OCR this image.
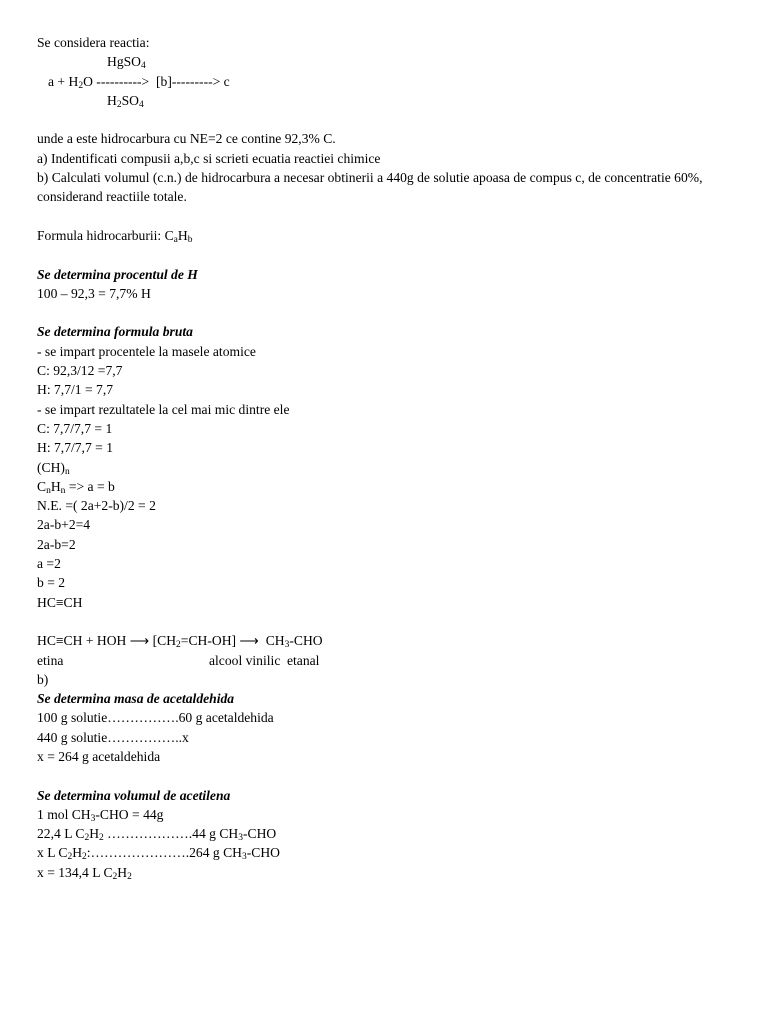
Se considera reactia:
HgSO$_4$
$a + H_2O$ ---------->  [b]---------> c
$H_2SO_4$
unde a este hidrocarbura cu NE=2 ce contine 92,3% C.
a) Indentificati compusii a,b,c si scrieti ecuatia reactiei chimice
b) Calculati volumul (c.n.) de hidrocarbura a necesar obtinerii a 440g de solutie apoasa de compus c, de concentratie 60%, considerand reactiile totale.
Formula hidrocarburii: $C_aH_b$
Se determina procentul de H
100 – 92,3 = 7,7% H
Se determina formula bruta
- se impart procentele la masele atomice
C: 92,3/12 =7,7
H: 7,7/1 = 7,7
- se impart rezultatele la cel mai mic dintre ele
C: 7,7/7,7 = 1
H: 7,7/7,7 = 1
$(CH)_n$
$C_nH_n => a = b$
N.E. =( 2a+2-b)/2 = 2
2a-b+2=4
2a-b=2
a =2
b = 2
HC≡CH
HC≡CH + HOH ⟶ $[CH_2=CH-OH]$ ⟶  $CH_3$-CHO

etina

	alcool vinilic

etanal

b)
Se determina masa de acetaldehida
100 g solutie…………….60 g acetaldehida
440 g solutie……………..x
x = 264 g acetaldehida
Se determina volumul de acetilena
1 mol $CH_3$-CHO = 44g
22,4 L $C_2H_2$ ……………….44 g $CH_3$-CHO
x L $C_2H_2:\dots\dots\dots\dots\dots\dots\dots.264$ g $CH_3$-CHO
x = 134,4 L $C_2H_2$
